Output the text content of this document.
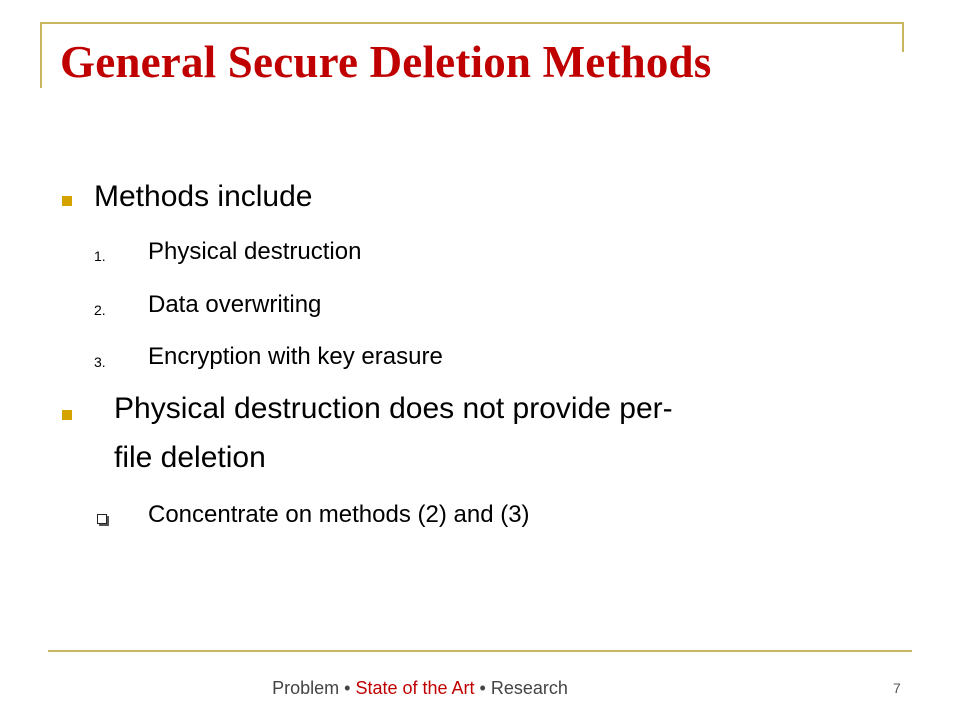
General Secure Deletion Methods

Methods include

1. Physical destruction

2. Data overwriting

3. Encryption with key erasure

Physical destruction does not provide per-

file deletion

Concentrate on methods (2) and (3)

Problem • State of the Art • Research	7
